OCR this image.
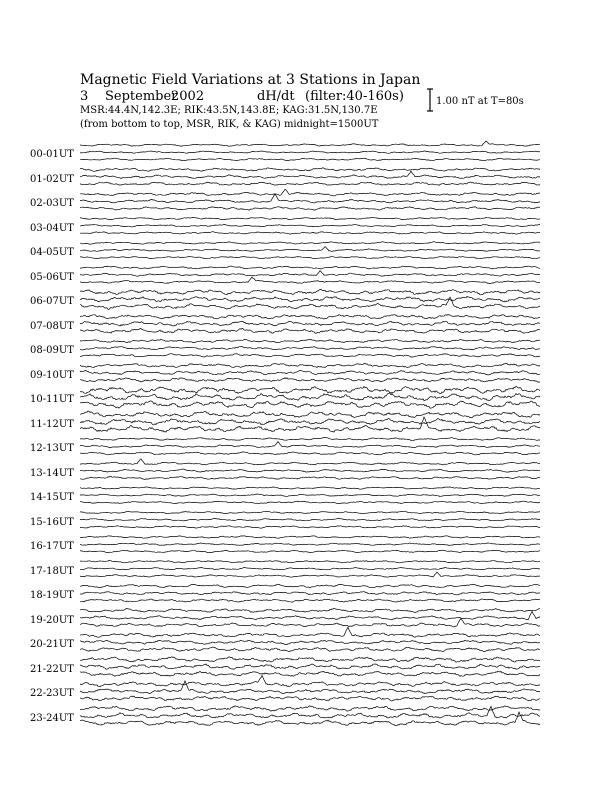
Magnetic Field Variations at 3 Stations in Japan
3 September
2002	dH/dt (filter:40-160s)
MSR:44.4N,142.3E; RIK:43.5N,143.8E; KAG:31.5N,130.7E
(from bottom to top, MSR, RIK, & KAG) midnight=1500UT
1.00 nT at T=80s
00-01UT
01-02UT
02-03UT
03-04UT
04-05UT
05-06UT
06-07UT
07-08UT
08-09UT
09-10UT
10-11UT
11-12UT
12-13UT
13-14UT
14-15UT
15-16UT
16-17UT
17-18UT
18-19UT
19-20UT
20-21UT
21-22UT
22-23UT
23-24UT
